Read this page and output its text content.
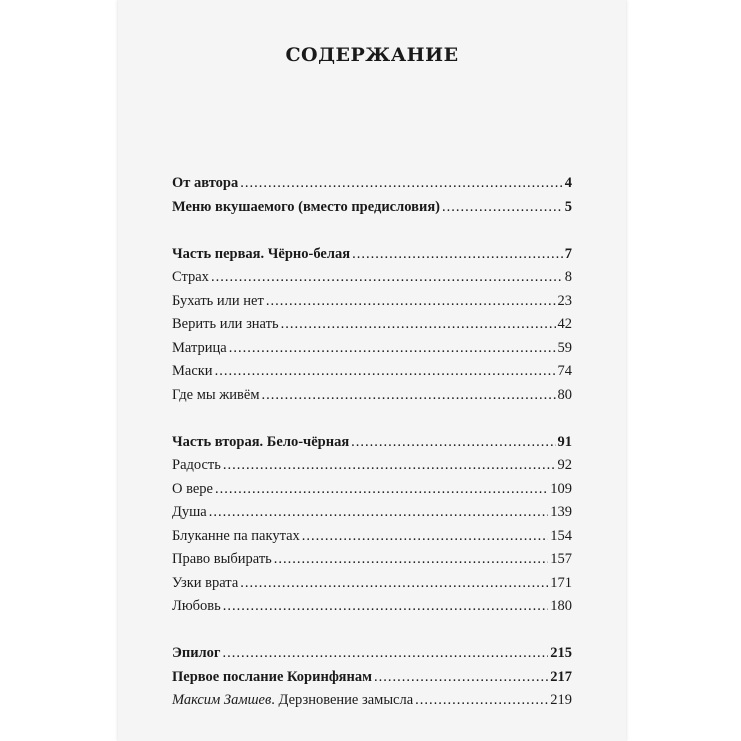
СОДЕРЖАНИЕ
От автора .....	4
Меню вкушаемого (вместо предисловия) .....	5
Часть первая. Чёрно-белая .....	7
Страх .....	8
Бухать или нет .....	23
Верить или знать .....	42
Матрица .....	59
Маски .....	74
Где мы живём .....	80
Часть вторая. Бело-чёрная .....	91
Радость .....	92
О вере .....	109
Душа .....	139
Блуканне па пакутах .....	154
Право выбирать .....	157
Узки врата .....	171
Любовь .....	180
Эпилог .....	215
Первое послание Коринфянам .....	217
Максим Замшев. Дерзновение замысла .....	219
